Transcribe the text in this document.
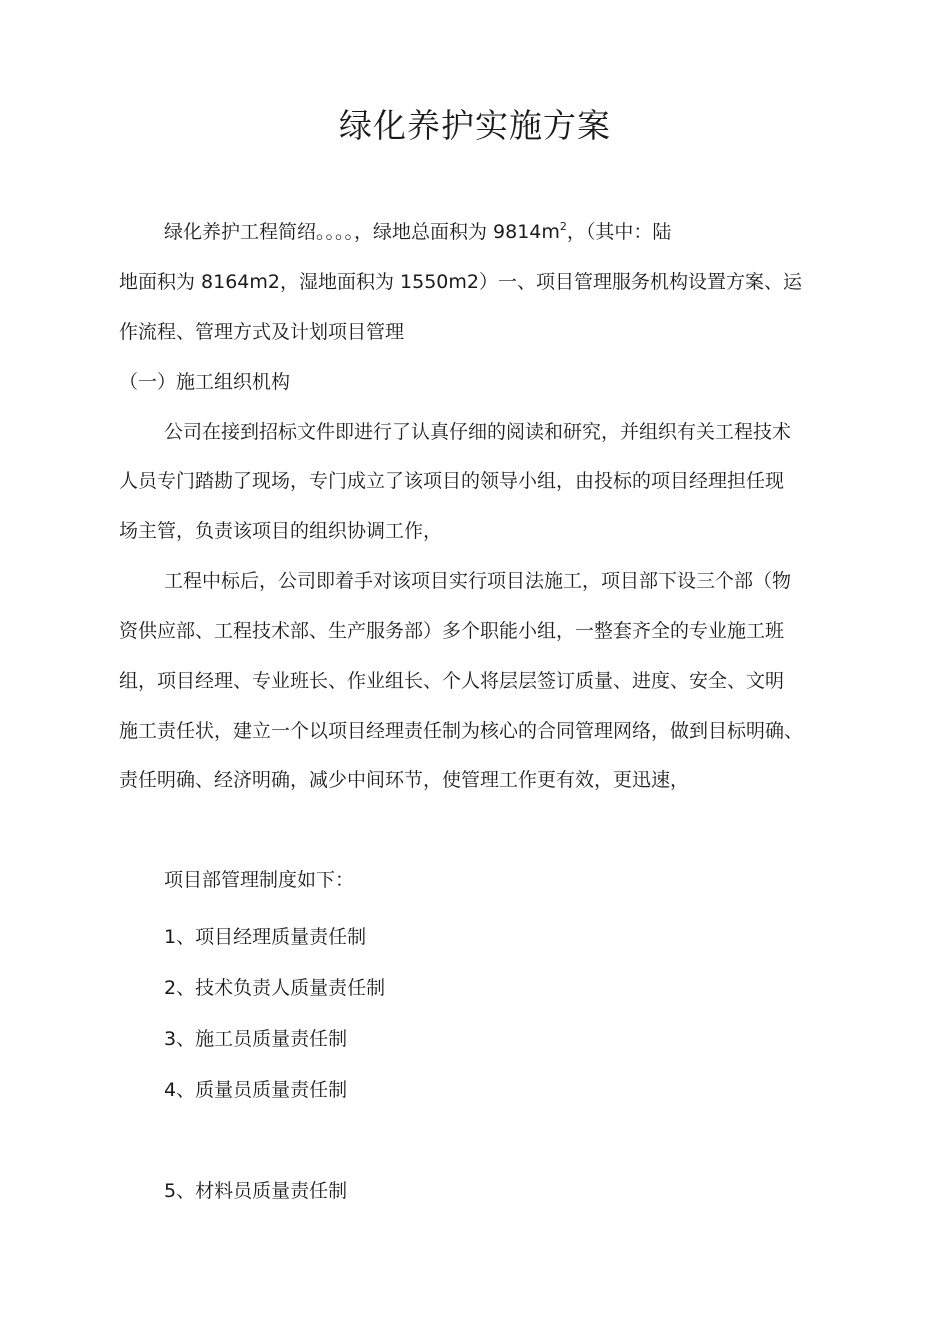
绿化养护实施方案
绿化养护工程简绍。。。。，绿地总面积为 $9814m^2$，（其中：陆
地面积为 8164m2，湿地面积为 1550m2）一、项目管理服务机构设置方案、运
作流程、管理方式及计划项目管理
（一）施工组织机构
公司在接到招标文件即进行了认真仔细的阅读和研究，并组织有关工程技术
人员专门踏勘了现场，专门成立了该项目的领导小组，由投标的项目经理担任现
场主管，负责该项目的组织协调工作，
工程中标后，公司即着手对该项目实行项目法施工，项目部下设三个部（物
资供应部、工程技术部、生产服务部）多个职能小组，一整套齐全的专业施工班
组，项目经理、专业班长、作业组长、个人将层层签订质量、进度、安全、文明
施工责任状，建立一个以项目经理责任制为核心的合同管理网络，做到目标明确、
责任明确、经济明确，减少中间环节，使管理工作更有效，更迅速，
项目部管理制度如下：
1、项目经理质量责任制
2、技术负责人质量责任制
3、施工员质量责任制
4、质量员质量责任制
5、材料员质量责任制
